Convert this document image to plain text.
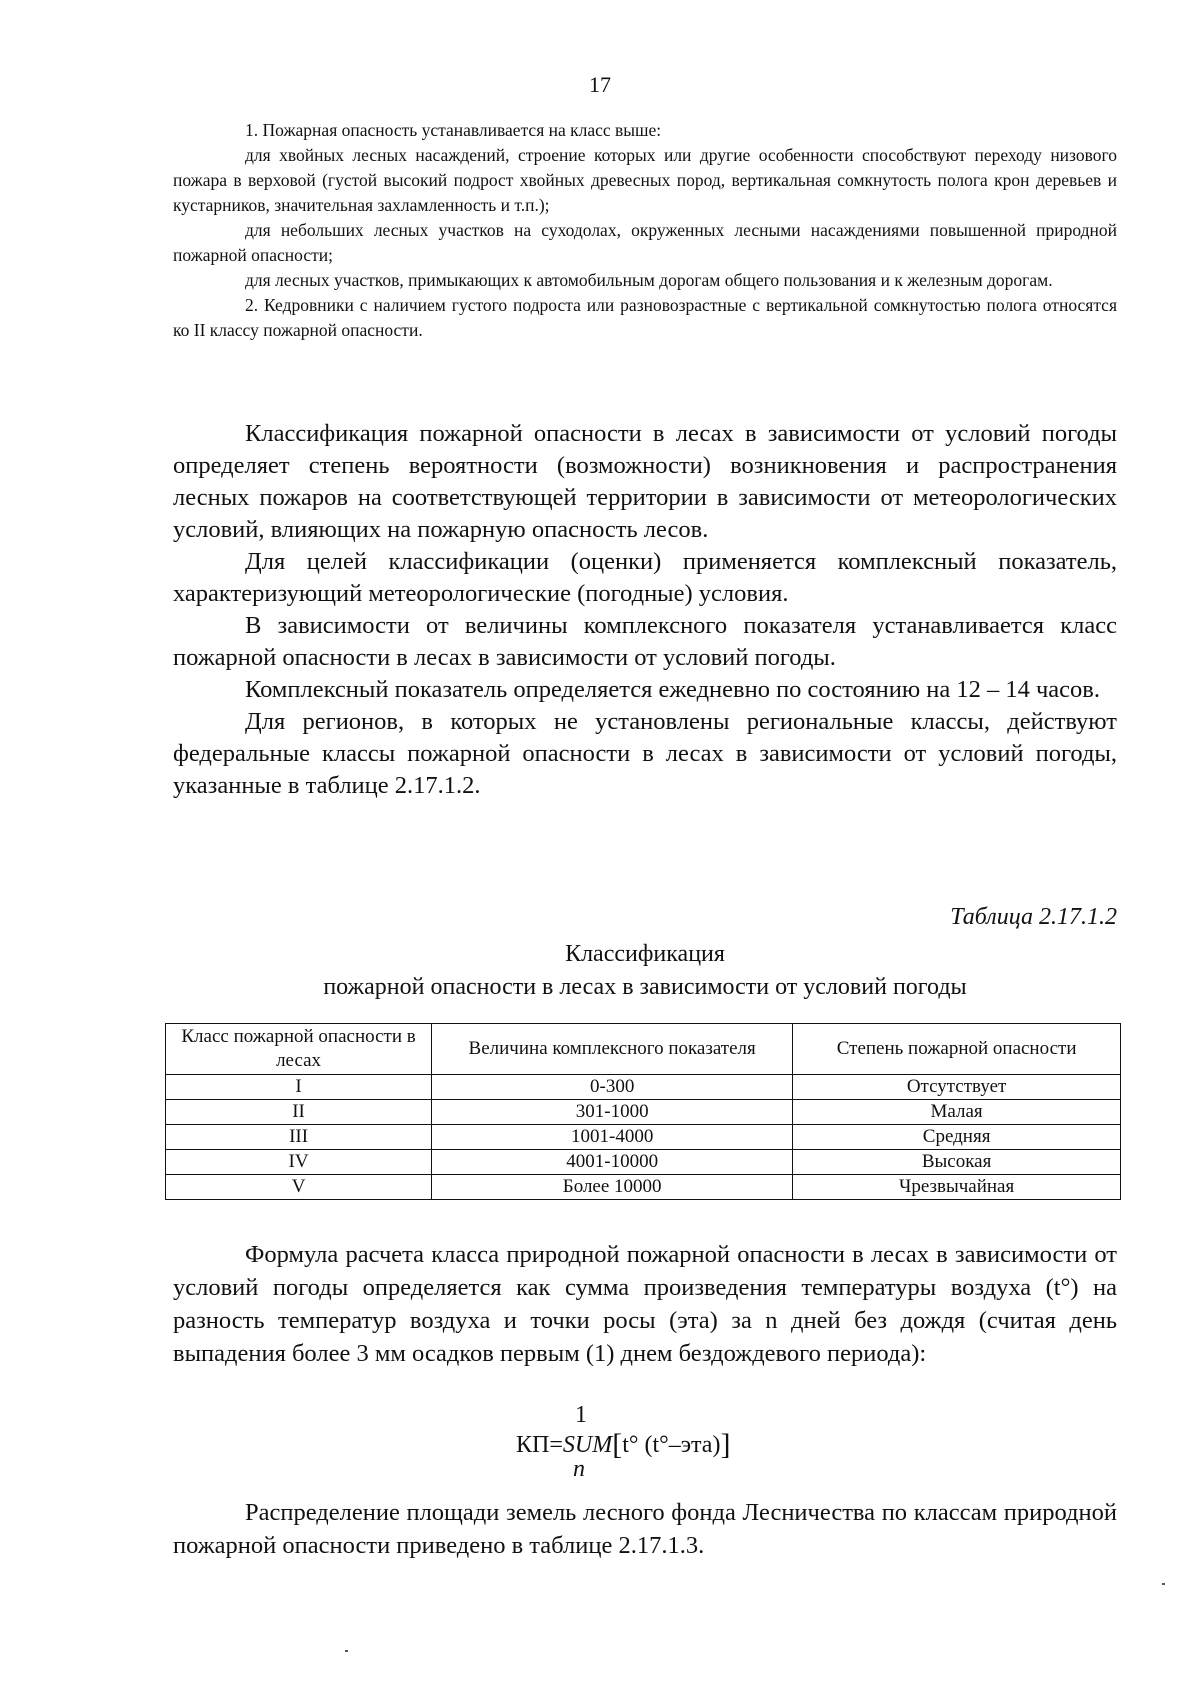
17

1. Пожарная опасность устанавливается на класс выше:

для хвойных лесных насаждений, строение которых или другие особенности способствуют переходу низового пожара в верховой (густой высокий подрост хвойных древесных пород, вертикальная сомкнутость полога крон деревьев и кустарников, значительная захламленность и т.п.);

для небольших лесных участков на суходолах, окруженных лесными насаждениями повышенной природной пожарной опасности;

для лесных участков, примыкающих к автомобильным дорогам общего пользования и к железным дорогам.

2. Кедровники с наличием густого подроста или разновозрастные с вертикальной сомкнутостью полога относятся ко II классу пожарной опасности.

Классификация пожарной опасности в лесах в зависимости от условий погоды определяет степень вероятности (возможности) возникновения и распространения лесных пожаров на соответствующей территории в зависимости от метеорологических условий, влияющих на пожарную опасность лесов.

Для целей классификации (оценки) применяется комплексный показатель, характеризующий метеорологические (погодные) условия.

В зависимости от величины комплексного показателя устанавливается класс пожарной опасности в лесах в зависимости от условий погоды.

Комплексный показатель определяется ежедневно по состоянию на 12 – 14 часов.

Для регионов, в которых не установлены региональные классы, действуют федеральные классы пожарной опасности в лесах в зависимости от условий погоды, указанные в таблице 2.17.1.2.

Таблица 2.17.1.2
Классификация
пожарной опасности в лесах в зависимости от условий погоды
Класс пожарной опасности в лесах	Величина комплексного показателя	Степень пожарной опасности
I	0-300	Отсутствует
II	301-1000	Малая
III	1001-4000	Средняя
IV	4001-10000	Высокая
V	Более 10000	Чрезвычайная

Формула расчета класса природной пожарной опасности в лесах в зависимости от условий погоды определяется как сумма произведения температуры воздуха (t°) на разность температур воздуха и точки росы (эта) за n дней без дождя (считая день выпадения более 3 мм осадков первым (1) днем бездождевого периода):

1
КП=SUM[t° (t°–эта)]
n

Распределение площади земель лесного фонда Лесничества по классам природной пожарной опасности приведено в таблице 2.17.1.3.
